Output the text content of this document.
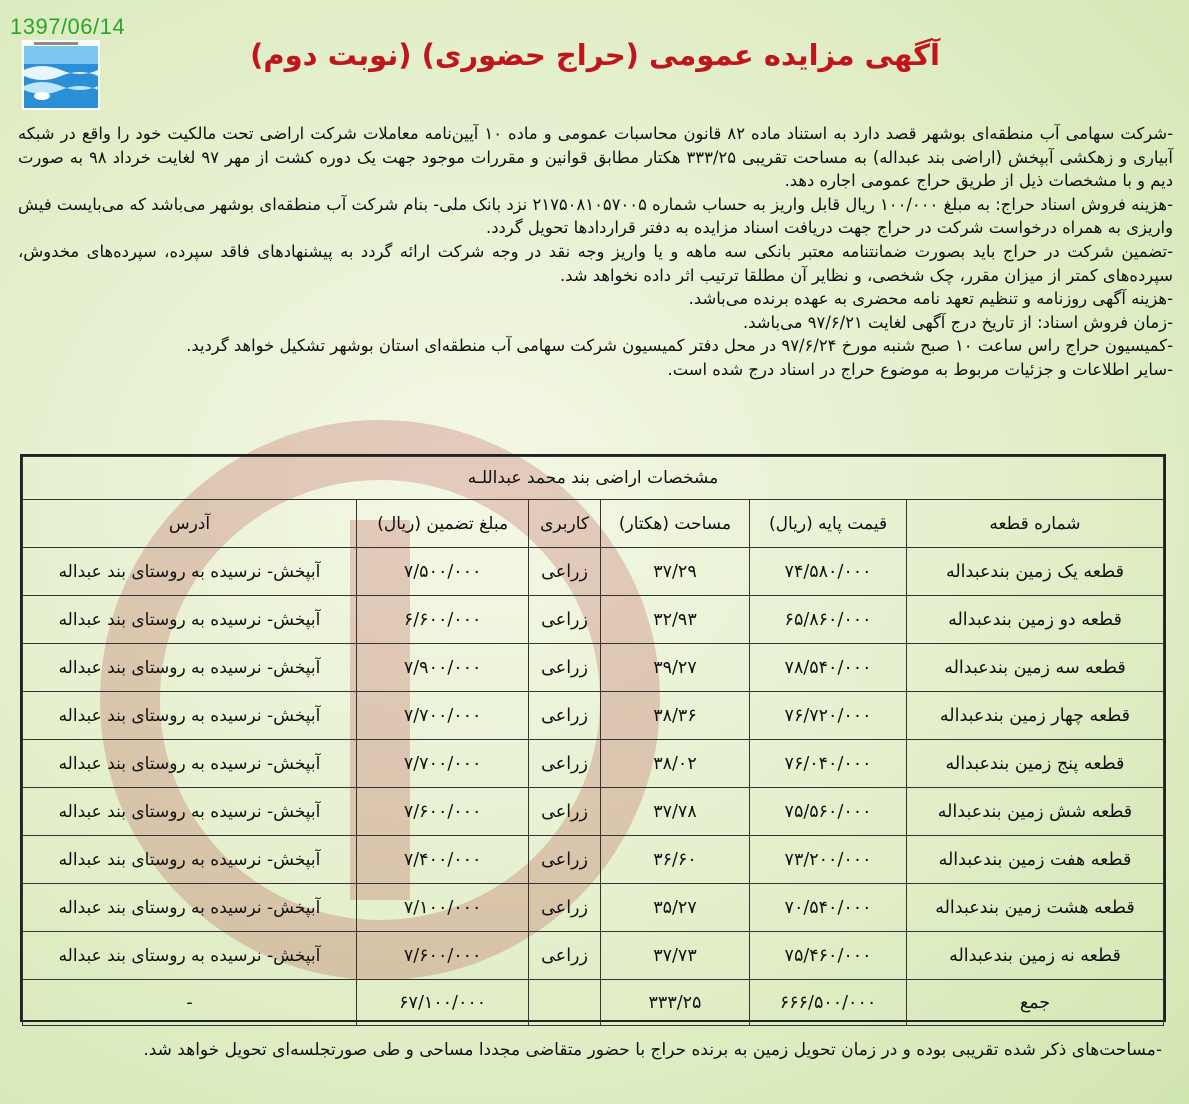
1397/06/14
آگهی مزایده عمومی (حراج حضوری) (نوبت دوم)

-شرکت سهامی آب منطقه‌ای بوشهر قصد دارد به استناد ماده ۸۲ قانون محاسبات عمومی و ماده ۱۰ آیین‌نامه معاملات شرکت اراضی تحت مالکیت خود را واقع در شبکه آبیاری و زهکشی آبپخش (اراضی بند عبداله) به مساحت تقریبی ۳۳۳/۲۵ هکتار مطابق قوانین و مقررات موجود جهت یک دوره کشت از مهر ۹۷ لغایت خرداد ۹۸ به صورت دیم و با مشخصات ذیل از طریق حراج عمومی اجاره دهد.

-هزینه فروش اسناد حراج: به مبلغ ۱۰۰/۰۰۰ ریال قابل واریز به حساب شماره ۲۱۷۵۰۸۱۰۵۷۰۰۵ نزد بانک ملی- بنام شرکت آب منطقه‌ای بوشهر می‌باشد که می‌بایست فیش واریزی به همراه درخواست شرکت در حراج جهت دریافت اسناد مزایده به دفتر قراردادها تحویل گردد.

-تضمین شرکت در حراج باید بصورت ضمانتنامه معتبر بانکی سه ماهه و یا واریز وجه نقد در وجه شرکت ارائه گردد به پیشنهادهای فاقد سپرده، سپرده‌های مخدوش، سپرده‌های کمتر از میزان مقرر، چک شخصی، و نظایر آن مطلقا ترتیب اثر داده نخواهد شد.

-هزینه آگهی روزنامه و تنظیم تعهد نامه محضری به عهده برنده می‌باشد.

-زمان فروش اسناد: از تاریخ درج آگهی لغایت ۹۷/۶/۲۱ می‌باشد.

-کمیسیون حراج راس ساعت ۱۰ صبح شنبه مورخ ۹۷/۶/۲۴ در محل دفتر کمیسیون شرکت سهامی آب منطقه‌ای استان بوشهر تشکیل خواهد گردید.

-سایر اطلاعات و جزئیات مربوط به موضوع حراج در اسناد درج شده است.

مشخصات اراضی بند محمد عبداللـه					
شماره قطعه	قیمت پایه (ریال)	مساحت (هکتار)	کاربری	مبلغ تضمین (ریال)	آدرس
قطعه یک زمین بندعبداله	۷۴/۵۸۰/۰۰۰	۳۷/۲۹	زراعی	۷/۵۰۰/۰۰۰	آبپخش- نرسیده به روستای بند عبداله
قطعه دو زمین بندعبداله	۶۵/۸۶۰/۰۰۰	۳۲/۹۳	زراعی	۶/۶۰۰/۰۰۰	آبپخش- نرسیده به روستای بند عبداله
قطعه سه زمین بندعبداله	۷۸/۵۴۰/۰۰۰	۳۹/۲۷	زراعی	۷/۹۰۰/۰۰۰	آبپخش- نرسیده به روستای بند عبداله
قطعه چهار زمین بندعبداله	۷۶/۷۲۰/۰۰۰	۳۸/۳۶	زراعی	۷/۷۰۰/۰۰۰	آبپخش- نرسیده به روستای بند عبداله
قطعه پنج زمین بندعبداله	۷۶/۰۴۰/۰۰۰	۳۸/۰۲	زراعی	۷/۷۰۰/۰۰۰	آبپخش- نرسیده به روستای بند عبداله
قطعه شش زمین بندعبداله	۷۵/۵۶۰/۰۰۰	۳۷/۷۸	زراعی	۷/۶۰۰/۰۰۰	آبپخش- نرسیده به روستای بند عبداله
قطعه هفت زمین بندعبداله	۷۳/۲۰۰/۰۰۰	۳۶/۶۰	زراعی	۷/۴۰۰/۰۰۰	آبپخش- نرسیده به روستای بند عبداله
قطعه هشت زمین بندعبداله	۷۰/۵۴۰/۰۰۰	۳۵/۲۷	زراعی	۷/۱۰۰/۰۰۰	آبپخش- نرسیده به روستای بند عبداله
قطعه نه زمین بندعبداله	۷۵/۴۶۰/۰۰۰	۳۷/۷۳	زراعی	۷/۶۰۰/۰۰۰	آبپخش- نرسیده به روستای بند عبداله
جمع	۶۶۶/۵۰۰/۰۰۰	۳۳۳/۲۵		۶۷/۱۰۰/۰۰۰	-
-مساحت‌های ذکر شده تقریبی بوده و در زمان تحویل زمین به برنده حراج با حضور متقاضی مجددا مساحی و طی صورتجلسه‌ای تحویل خواهد شد.
